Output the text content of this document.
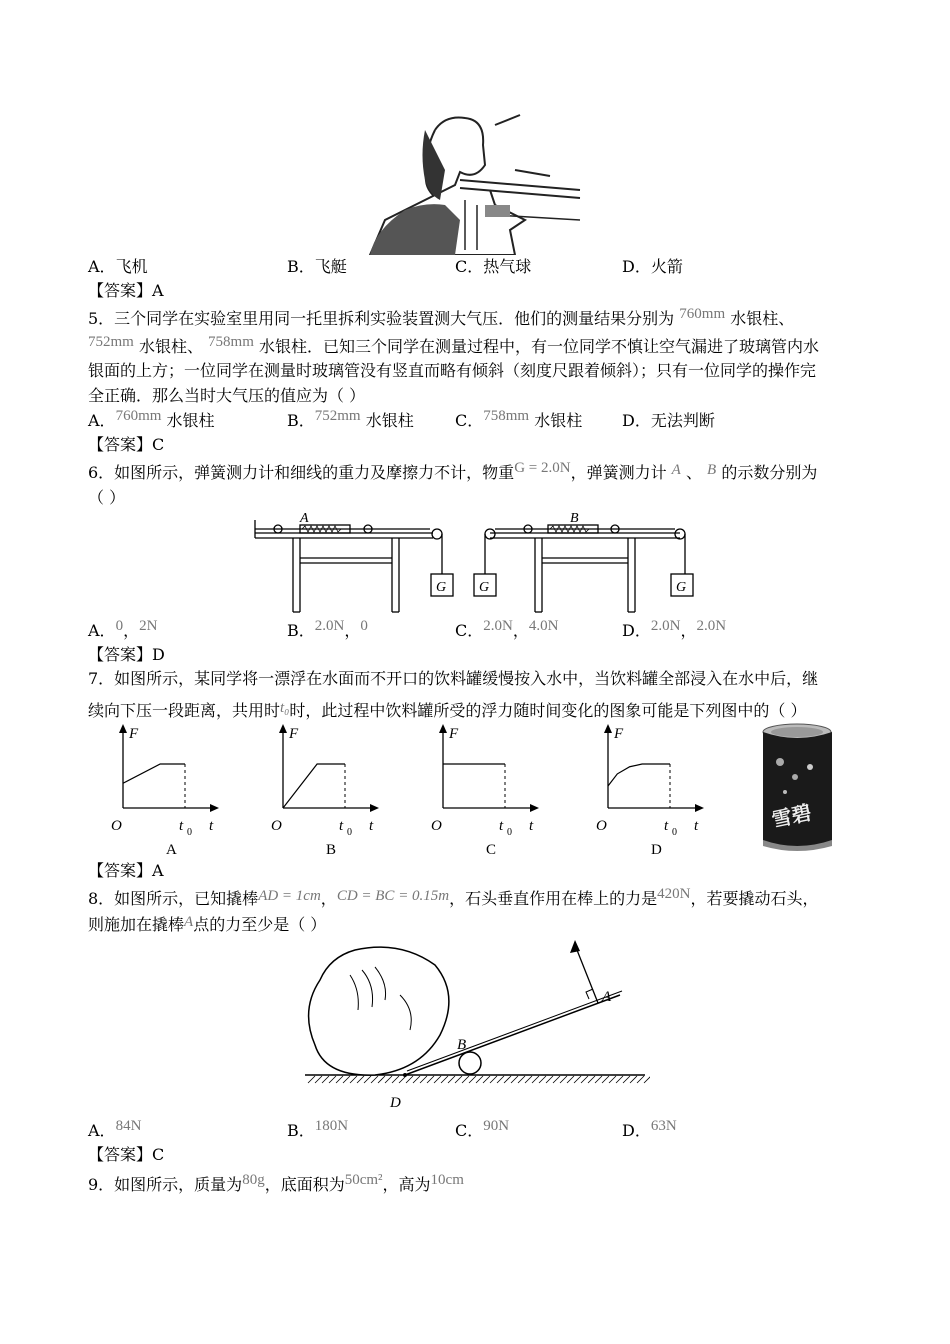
A．飞机	B．飞艇	C．热气球	D．火箭
【答案】A
5．三个同学在实验室里用同一托里拆利实验装置测大气压．他们的测量结果分别为 760mm 水银柱、
752mm 水银柱、 758mm 水银柱．已知三个同学在测量过程中，有一位同学不慎让空气漏进了玻璃管内水
银面的上方；一位同学在测量时玻璃管没有竖直而略有倾斜（刻度尺跟着倾斜）；只有一位同学的操作完
全正确．那么当时大气压的值应为（ ）
A．760mm 水银柱	B．752mm 水银柱	C．758mm 水银柱 D．无法判断
【答案】C
6．如图所示，弹簧测力计和细线的重力及摩擦力不计，物重G = 2.0N，弹簧测力计 A 、 B 的示数分别为
（ ）
A
G
B
G	G
A．0，2N	B．2.0N，0	C．2.0N，4.0N	D．2.0N，2.0N
【答案】D
7．如图所示，某同学将一漂浮在水面而不开口的饮料罐缓慢按入水中，当饮料罐全部浸入在水中后，继
续向下压一段距离，共用时t₀时，此过程中饮料罐所受的浮力随时间变化的图象可能是下列图中的（ ）
F
O	t 0 t
A
F
O	t 0 t
B
F
O	t 0 t
C
F
O	t 0 t
D
雪碧
【答案】A
8．如图所示，已知撬棒AD = 1cm，CD = BC = 0.15m，石头垂直作用在棒上的力是420N，若要撬动石头，
则施加在撬棒A点的力至少是（ ）
A
B
D
A．84N	B．180N	C．90N	D．63N
【答案】C
9．如图所示，质量为80g，底面积为50cm²，高为10cm
